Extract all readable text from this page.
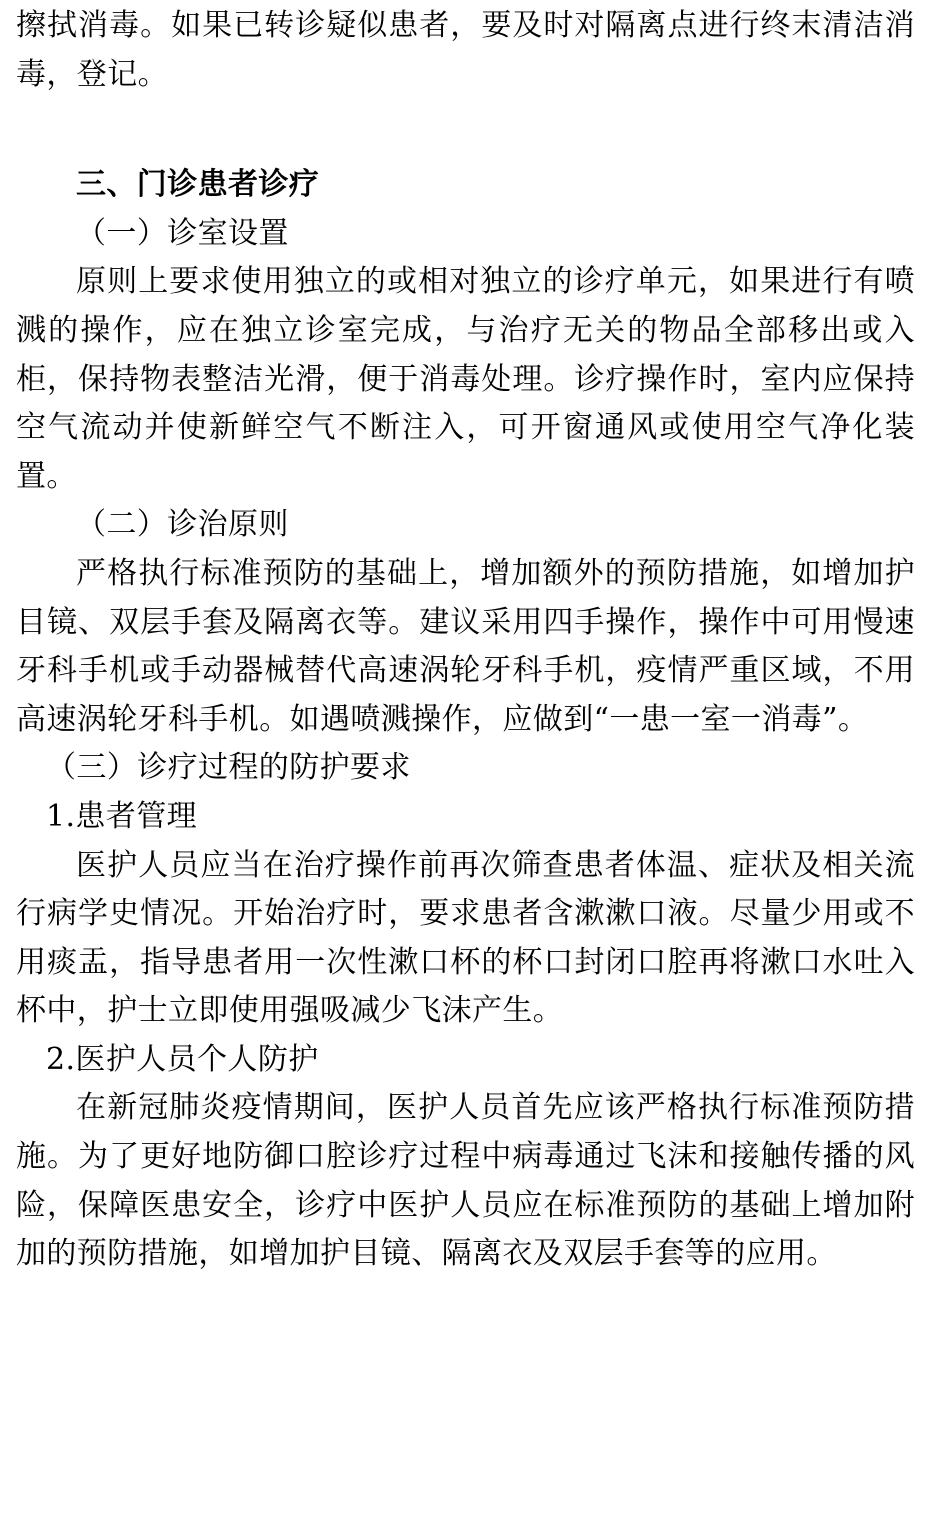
擦拭消毒。如果已转诊疑似患者，要及时对隔离点进行终末清洁消毒，登记。

三、门诊患者诊疗

（一）诊室设置

原则上要求使用独立的或相对独立的诊疗单元，如果进行有喷溅的操作，应在独立诊室完成，与治疗无关的物品全部移出或入柜，保持物表整洁光滑，便于消毒处理。诊疗操作时，室内应保持空气流动并使新鲜空气不断注入，可开窗通风或使用空气净化装置。

（二）诊治原则

严格执行标准预防的基础上，增加额外的预防措施，如增加护目镜、双层手套及隔离衣等。建议采用四手操作，操作中可用慢速牙科手机或手动器械替代高速涡轮牙科手机，疫情严重区域，不用高速涡轮牙科手机。如遇喷溅操作，应做到“一患一室一消毒”。

（三）诊疗过程的防护要求

1.患者管理

医护人员应当在治疗操作前再次筛查患者体温、症状及相关流行病学史情况。开始治疗时，要求患者含漱漱口液。尽量少用或不用痰盂，指导患者用一次性漱口杯的杯口封闭口腔再将漱口水吐入杯中，护士立即使用强吸减少飞沫产生。

2.医护人员个人防护

在新冠肺炎疫情期间，医护人员首先应该严格执行标准预防措施。为了更好地防御口腔诊疗过程中病毒通过飞沫和接触传播的风险，保障医患安全，诊疗中医护人员应在标准预防的基础上增加附加的预防措施，如增加护目镜、隔离衣及双层手套等的应用。
